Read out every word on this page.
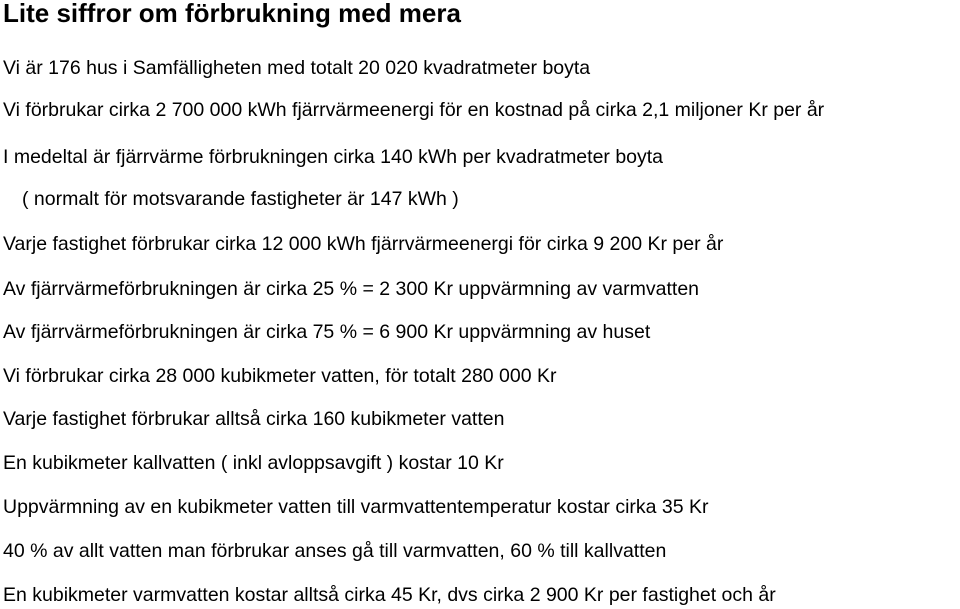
Lite siffror om förbrukning med mera

Vi är 176 hus i Samfälligheten med totalt 20 020 kvadratmeter boyta

Vi förbrukar cirka 2 700 000 kWh fjärrvärmeenergi för en kostnad på cirka 2,1 miljoner Kr per år

I medeltal är fjärrvärme förbrukningen cirka 140 kWh per kvadratmeter boyta

( normalt för motsvarande fastigheter är 147 kWh )

Varje fastighet förbrukar cirka 12 000 kWh fjärrvärmeenergi för cirka 9 200 Kr per år

Av fjärrvärmeförbrukningen är cirka 25 % = 2 300 Kr uppvärmning av varmvatten

Av fjärrvärmeförbrukningen är cirka 75 % = 6 900 Kr uppvärmning av huset

Vi förbrukar cirka 28 000 kubikmeter vatten, för totalt 280 000 Kr

Varje fastighet förbrukar alltså cirka 160 kubikmeter vatten

En kubikmeter kallvatten ( inkl avloppsavgift ) kostar 10 Kr

Uppvärmning av en kubikmeter vatten till varmvattentemperatur kostar cirka 35 Kr

40 % av allt vatten man förbrukar anses gå till varmvatten, 60 % till kallvatten

En kubikmeter varmvatten kostar alltså cirka 45 Kr, dvs cirka 2 900 Kr per fastighet och år
